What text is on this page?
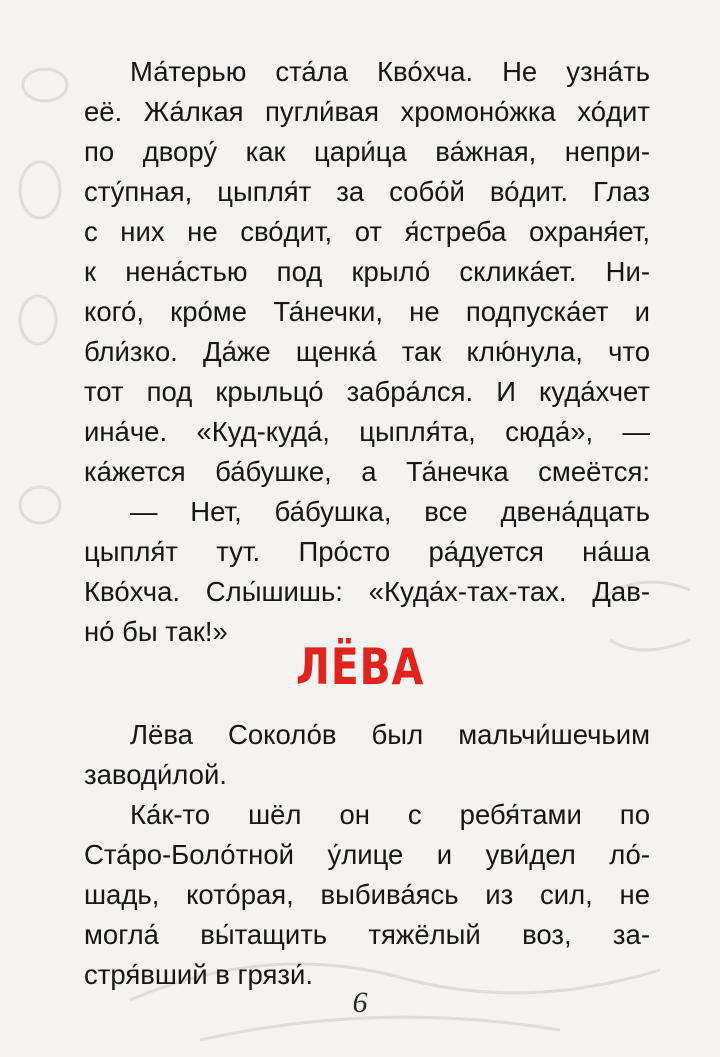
Ма́терью ста́ла Кво́хча. Не узна́ть
её. Жа́лкая пугли́вая хромоно́жка хо́дит
по двору́ как цари́ца ва́жная, непри-
сту́пная, цыпля́т за собо́й во́дит. Глаз
с них не сво́дит, от я́стреба охраня́ет,
к нена́стью под крыло́ склика́ет. Ни-
кого́, кро́ме Та́нечки, не подпуска́ет и
бли́зко. Да́же щенка́ так клю́нула, что
тот под крыльцо́ забра́лся. И куда́хчет
ина́че. «Куд-куда́, цыпля́та, сюда́», —
ка́жется ба́бушке, а Та́нечка смеётся:
— Нет, ба́бушка, все двена́дцать
цыпля́т тут. Про́сто ра́дуется на́ша
Кво́хча. Слы́шишь: «Куда́х-тах-тах. Дав-
но́ бы так!»
ЛЁВА
Лёва Соколо́в был мальчи́шечьим
заводи́лой.
Ка́к-то шёл он с ребя́тами по
Ста́ро-Боло́тной у́лице и уви́дел ло́-
шадь, кото́рая, выбива́ясь из сил, не
могла́ вы́тащить тяжёлый воз, за-
стря́вший в грязи́.
6
